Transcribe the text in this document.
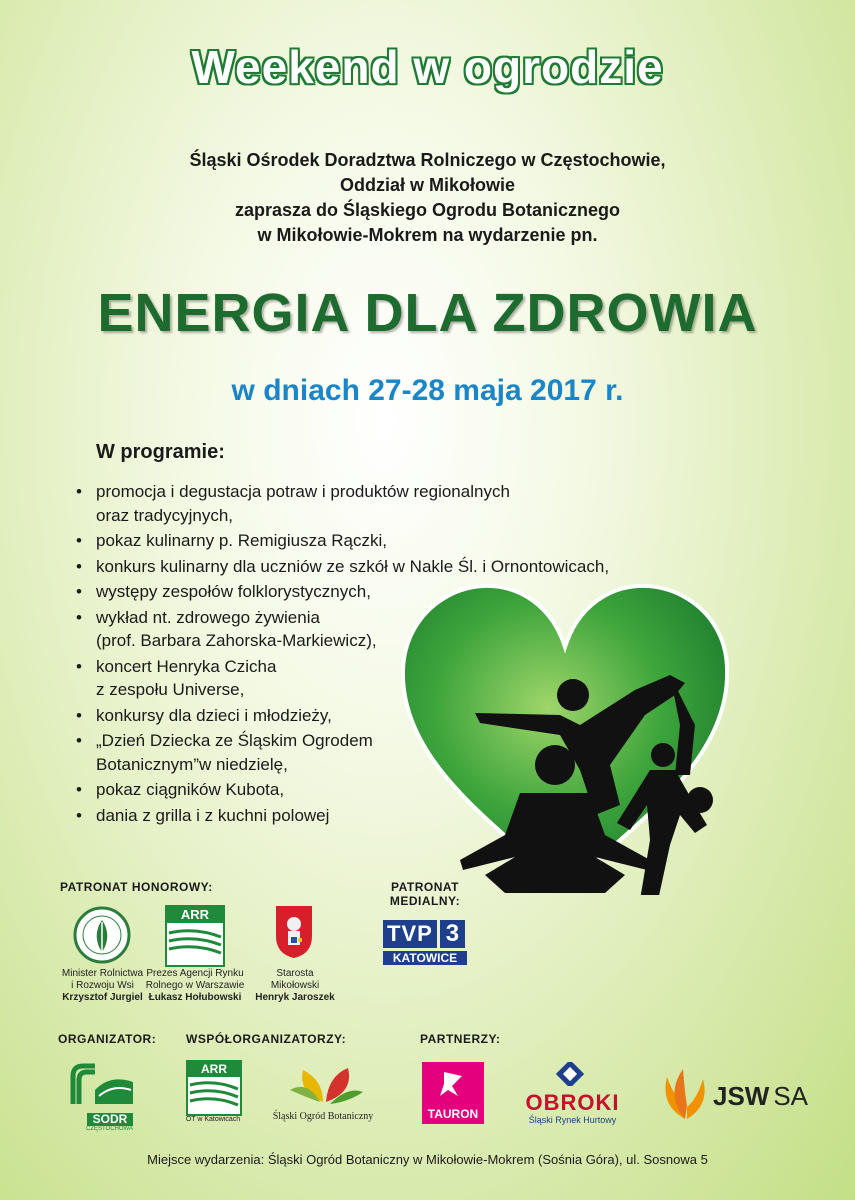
Weekend w ogrodzie
Śląski Ośrodek Doradztwa Rolniczego w Częstochowie,
Oddział w Mikołowie
zaprasza do Śląskiego Ogrodu Botanicznego
w Mikołowie-Mokrem na wydarzenie pn.
ENERGIA DLA ZDROWIA
w dniach 27-28 maja 2017 r.
W programie:
• promocja i degustacja potraw i produktów regionalnych
oraz tradycyjnych,
• pokaz kulinarny p. Remigiusza Rączki,
• konkurs kulinarny dla uczniów ze szkół w Nakle Śl. i Ornontowicach,
• występy zespołów folklorystycznych,
• wykład nt. zdrowego żywienia
(prof. Barbara Zahorska-Markiewicz),
• koncert Henryka Czicha
z zespołu Universe,
• konkursy dla dzieci i młodzieży,
• „Dzień Dziecka ze Śląskim Ogrodem
Botanicznym”w niedzielę,
• pokaz ciągników Kubota,
• dania z grilla i z kuchni polowej
PATRONAT HONOROWY:
Minister Rolnictwa
i Rozwoju Wsi
Krzysztof Jurgiel
ARR
Prezes Agencji Rynku
Rolnego w Warszawie
Łukasz Hołubowski
Starosta
Mikołowski
Henryk Jaroszek
PATRONAT
MEDIALNY:
TVP 3
KATOWICE
ORGANIZATOR:
SODR
CZĘSTOCHOWA
WSPÓŁORGANIZATORZY:
ARR
OT w Katowicach	Śląski Ogród Botaniczny
PARTNERZY:
TAURON	OBROKI
Śląski Rynek Hurtowy
JSW SA
Miejsce wydarzenia: Śląski Ogród Botaniczny w Mikołowie-Mokrem (Sośnia Góra), ul. Sosnowa 5
